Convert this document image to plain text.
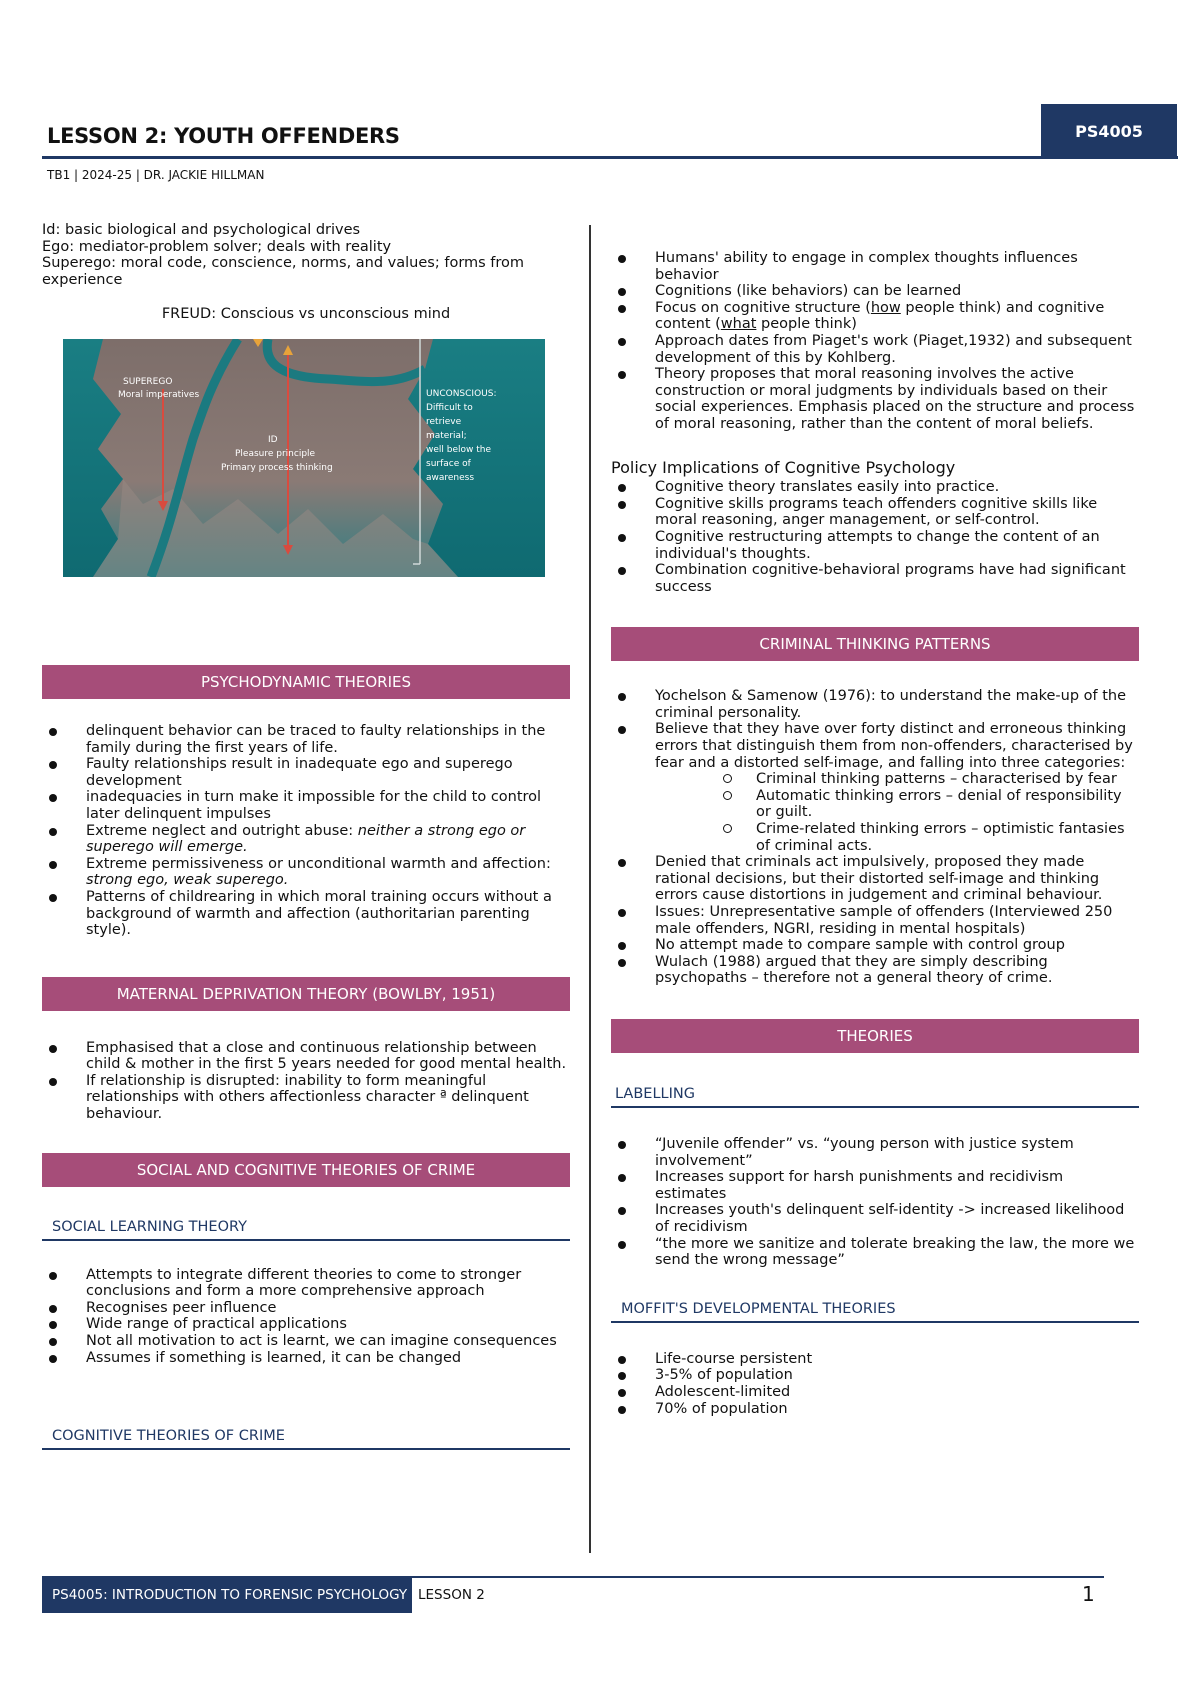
LESSON 2: YOUTH OFFENDERS	PS4005
TB1 | 2024-25 | DR. JACKIE HILLMAN

Id: basic biological and psychological drives

Ego: mediator-problem solver; deals with reality

Superego: moral code, conscience, norms, and values; forms from experience

FREUD: Conscious vs unconscious mind
SUPEREGO
Moral imperatives
ID
Pleasure principle
Primary process thinking
UNCONSCIOUS:
Difficult to
retrieve
material;
well below the
surface of
awareness
PSYCHODYNAMIC THEORIES
delinquent behavior can be traced to faulty relationships in the family during the first years of life.
Faulty relationships result in inadequate ego and superego development
inadequacies in turn make it impossible for the child to control later delinquent impulses
Extreme neglect and outright abuse: neither a strong ego or superego will emerge.
Extreme permissiveness or unconditional warmth and affection: strong ego, weak superego.
Patterns of childrearing in which moral training occurs without a background of warmth and affection (authoritarian parenting style).
MATERNAL DEPRIVATION THEORY (BOWLBY, 1951)
Emphasised that a close and continuous relationship between child & mother in the first 5 years needed for good mental health.
If relationship is disrupted: inability to form meaningful relationships with others affectionless character ª delinquent behaviour.
SOCIAL AND COGNITIVE THEORIES OF CRIME
SOCIAL LEARNING THEORY
Attempts to integrate different theories to come to stronger conclusions and form a more comprehensive approach
Recognises peer influence
Wide range of practical applications
Not all motivation to act is learnt, we can imagine consequences
Assumes if something is learned, it can be changed
COGNITIVE THEORIES OF CRIME
Humans' ability to engage in complex thoughts influences behavior
Cognitions (like behaviors) can be learned
Focus on cognitive structure (how people think) and cognitive content (what people think)
Approach dates from Piaget's work (Piaget,1932) and subsequent development of this by Kohlberg.
Theory proposes that moral reasoning involves the active construction or moral judgments by individuals based on their social experiences. Emphasis placed on the structure and process of moral reasoning, rather than the content of moral beliefs.
Policy Implications of Cognitive Psychology
Cognitive theory translates easily into practice.
Cognitive skills programs teach offenders cognitive skills like moral reasoning, anger management, or self-control.
Cognitive restructuring attempts to change the content of an individual's thoughts.
Combination cognitive-behavioral programs have had significant success
CRIMINAL THINKING PATTERNS
Yochelson & Samenow (1976): to understand the make-up of the criminal personality.
Believe that they have over forty distinct and erroneous thinking errors that distinguish them from non-offenders, characterised by fear and a distorted self-image, and falling into three categories:
Criminal thinking patterns – characterised by fear
Automatic thinking errors – denial of responsibility or guilt.
Crime-related thinking errors – optimistic fantasies of criminal acts.
Denied that criminals act impulsively, proposed they made rational decisions, but their distorted self-image and thinking errors cause distortions in judgement and criminal behaviour.
Issues: Unrepresentative sample of offenders (Interviewed 250 male offenders, NGRI, residing in mental hospitals)
No attempt made to compare sample with control group
Wulach (1988) argued that they are simply describing psychopaths – therefore not a general theory of crime.
THEORIES
LABELLING
“Juvenile offender” vs. “young person with justice system involvement”
Increases support for harsh punishments and recidivism estimates
Increases youth's delinquent self-identity -> increased likelihood of recidivism
“the more we sanitize and tolerate breaking the law, the more we send the wrong message”
MOFFIT'S DEVELOPMENTAL THEORIES
Life-course persistent
3-5% of population
Adolescent-limited
70% of population
PS4005: INTRODUCTION TO FORENSIC PSYCHOLOGY LESSON 2	1
